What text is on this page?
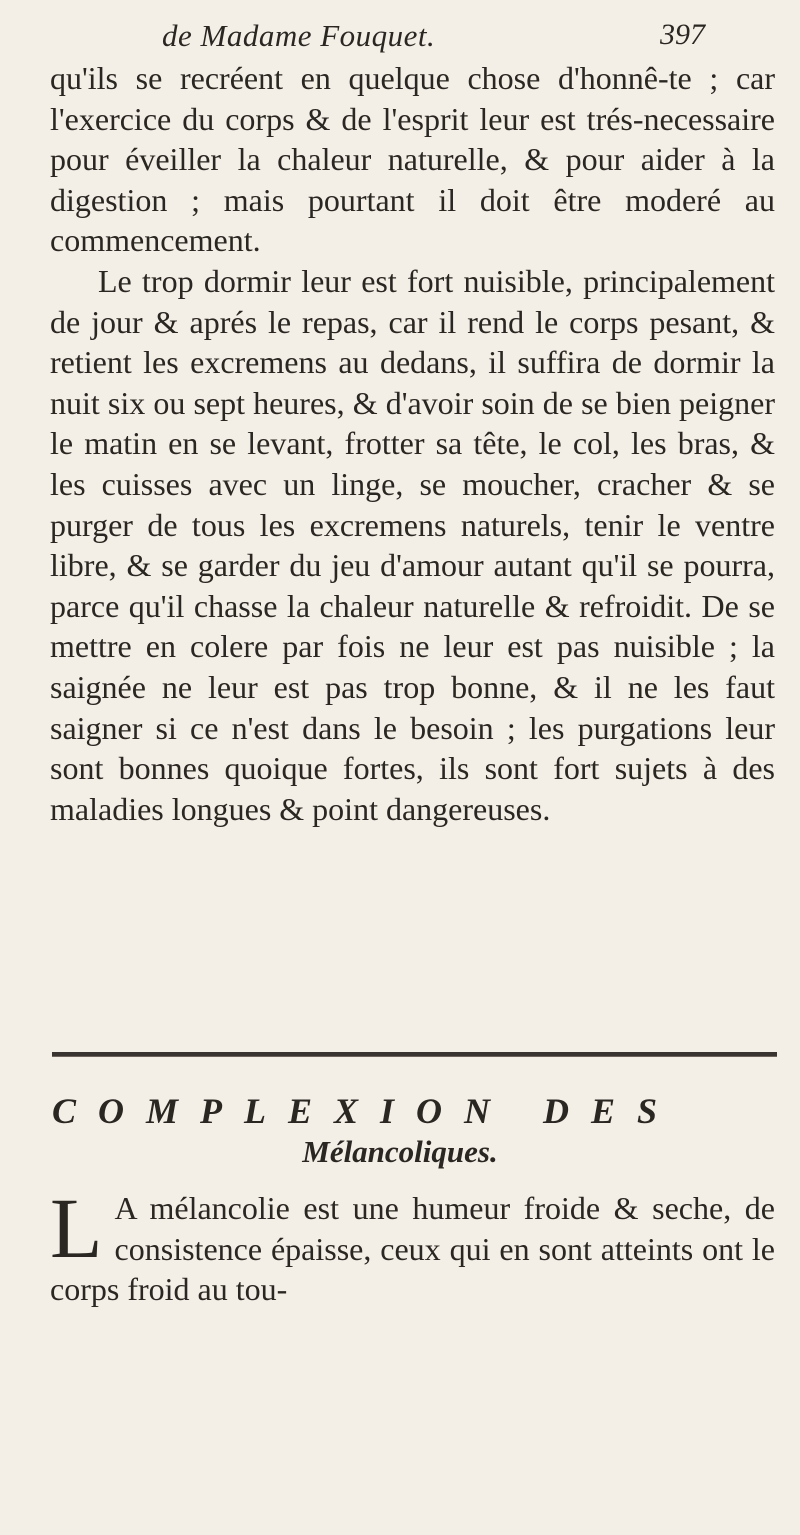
de Madame Fouquet.	397

qu'ils se recréent en quelque chose d'honnê-te ; car l'exercice du corps & de l'esprit leur est trés-necessaire pour éveiller la chaleur naturelle, & pour aider à la digestion ; mais pourtant il doit être moderé au commencement.

Le trop dormir leur est fort nuisible, principalement de jour & aprés le repas, car il rend le corps pesant, & retient les excremens au dedans, il suffira de dormir la nuit six ou sept heures, & d'avoir soin de se bien peigner le matin en se levant, frotter sa tête, le col, les bras, & les cuisses avec un linge, se moucher, cracher & se purger de tous les excremens naturels, tenir le ventre libre, & se garder du jeu d'amour autant qu'il se pourra, parce qu'il chasse la chaleur naturelle & refroidit. De se mettre en colere par fois ne leur est pas nuisible ; la saignée ne leur est pas trop bonne, & il ne les faut saigner si ce n'est dans le besoin ; les purgations leur sont bonnes quoique fortes, ils sont fort sujets à des maladies longues & point dangereuses.

COMPLEXION DES
Mélancoliques.
L A mélancolie est une humeur froide & seche, de consistence épaisse, ceux qui en sont atteints ont le corps froid au tou-
